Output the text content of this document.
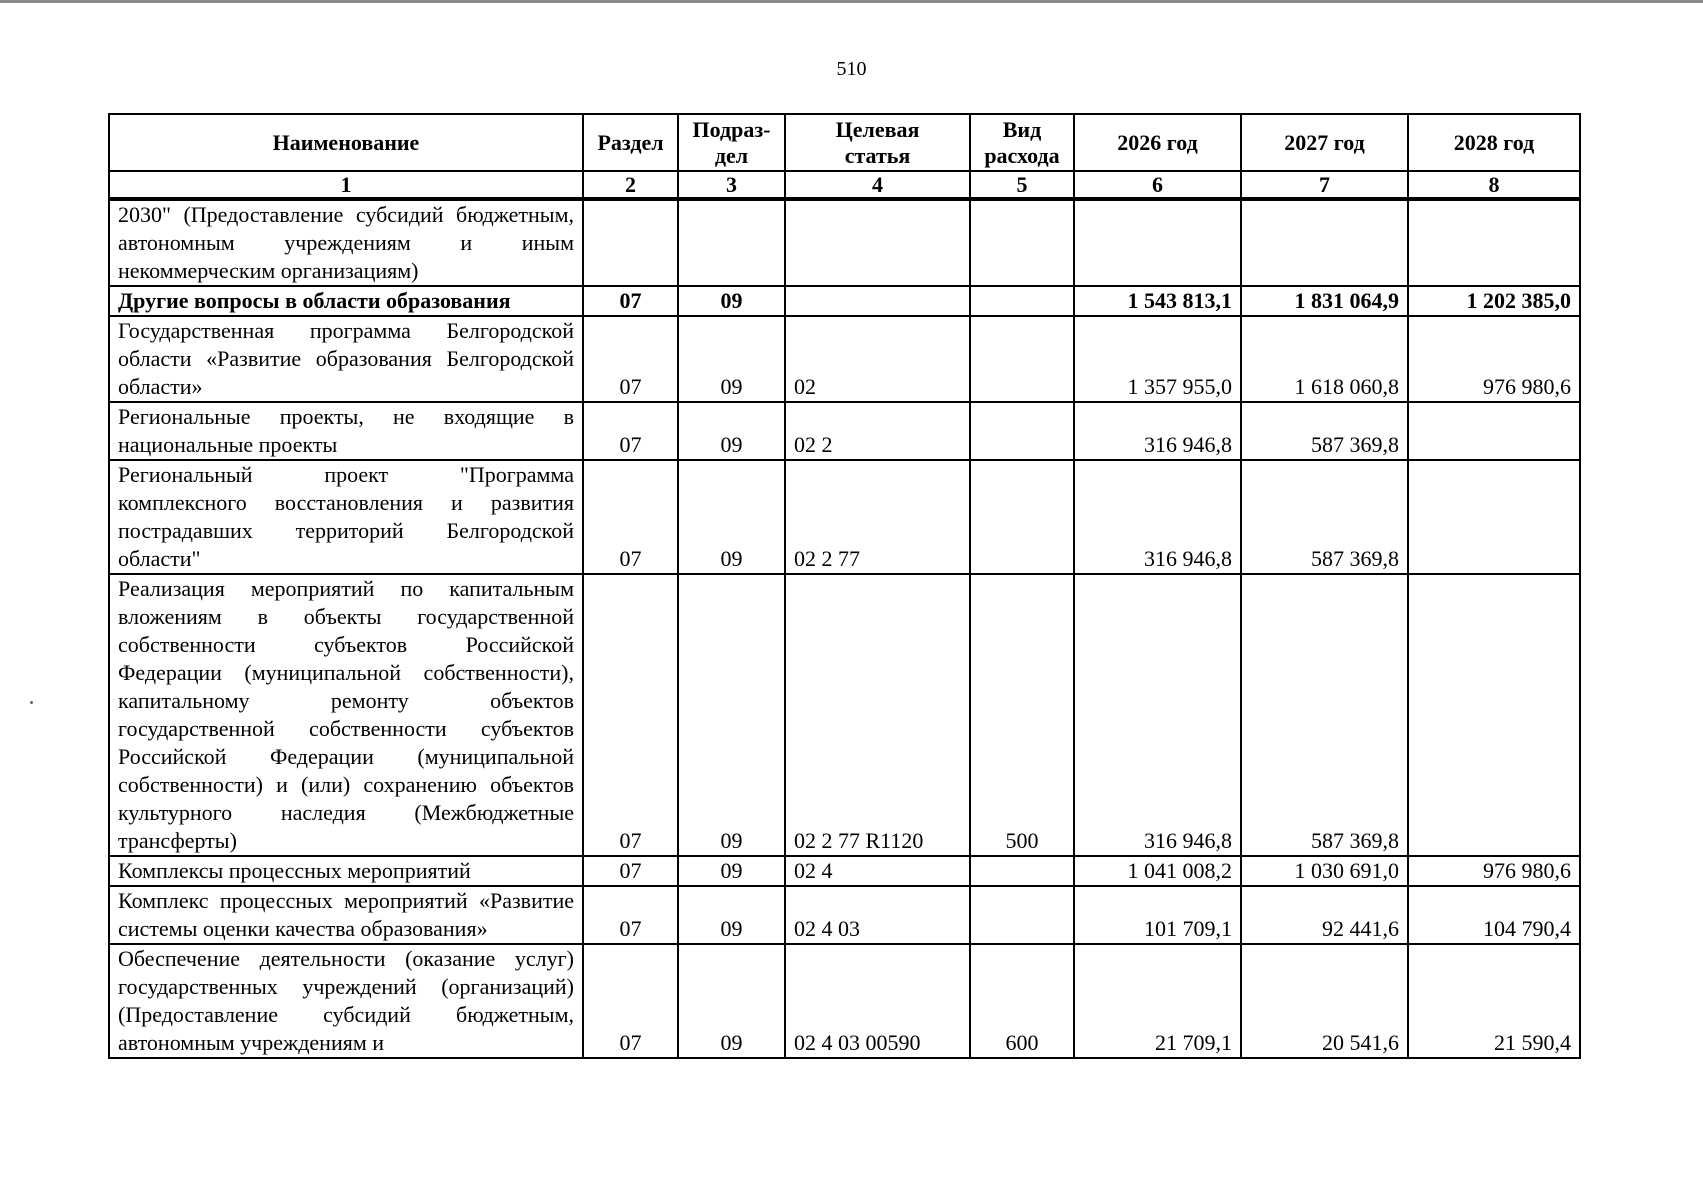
510
Наименование	Раздел	Подраз-
дел	Целевая
статья	Вид
расхода	2026 год	2027 год	2028 год
1	2	3	4	5	6	7	8
2030" (Предоставление субсидий бюджетным, автономным учреждениям и иным некоммерческим организациям)							
Другие вопросы в области образования	07	09			1 543 813,1	1 831 064,9	1 202 385,0
Государственная программа Белгородской области «Развитие образования Белгородской области»	07	09	02		1 357 955,0	1 618 060,8	976 980,6
Региональные проекты, не входящие в национальные проекты	07	09	02 2		316 946,8	587 369,8	
Региональный проект "Программа комплексного восстановления и развития пострадавших территорий Белгородской области"	07	09	02 2 77		316 946,8	587 369,8	
Реализация мероприятий по капитальным вложениям в объекты государственной собственности субъектов Российской Федерации (муниципальной собственности), капитальному ремонту объектов государственной собственности субъектов Российской Федерации (муниципальной собственности) и (или) сохранению объектов культурного наследия (Межбюджетные трансферты)	07	09	02 2 77 R1120	500	316 946,8	587 369,8	
Комплексы процессных мероприятий	07	09	02 4		1 041 008,2	1 030 691,0	976 980,6
Комплекс процессных мероприятий «Развитие системы оценки качества образования»	07	09	02 4 03		101 709,1	92 441,6	104 790,4
Обеспечение деятельности (оказание услуг) государственных учреждений (организаций) (Предоставление субсидий бюджетным, автономным учреждениям и	07	09	02 4 03 00590	600	21 709,1	20 541,6	21 590,4
